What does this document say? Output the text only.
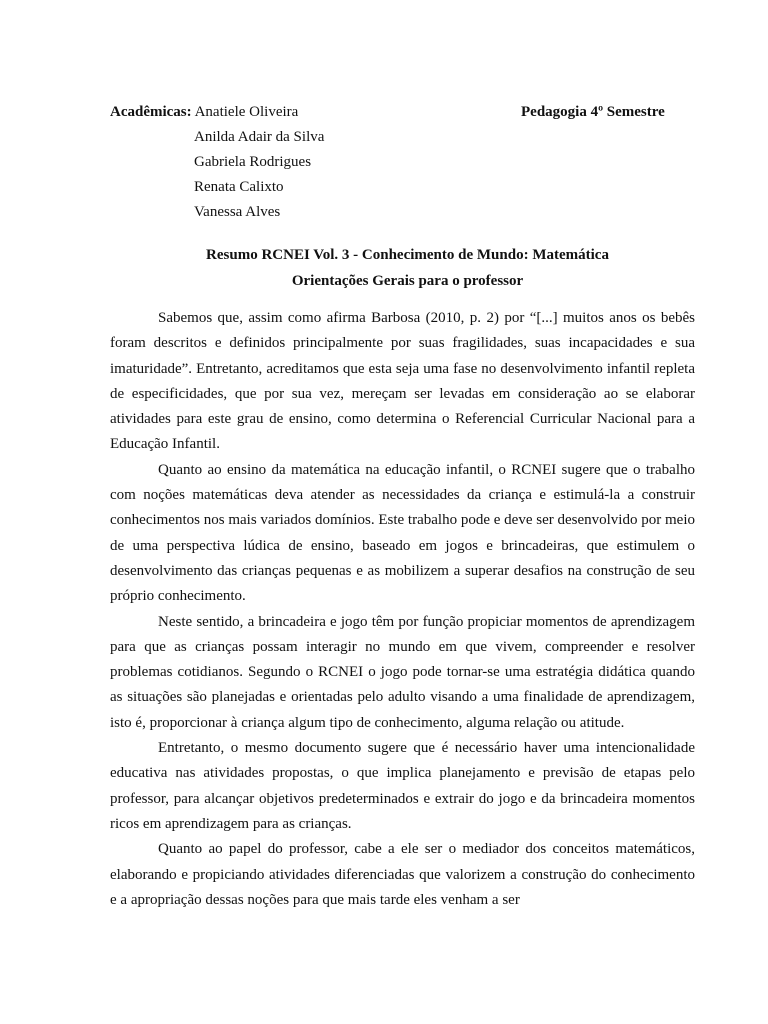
Acadêmicas: Anatiele Oliveira	Pedagogia 4º Semestre
Anilda Adair da Silva
Gabriela Rodrigues
Renata Calixto
Vanessa Alves
Resumo RCNEI Vol. 3 - Conhecimento de Mundo: Matemática
Orientações Gerais para o professor

Sabemos que, assim como afirma Barbosa (2010, p. 2) por “[...] muitos anos os bebês foram descritos e definidos principalmente por suas fragilidades, suas incapacidades e sua imaturidade”. Entretanto, acreditamos que esta seja uma fase no desenvolvimento infantil repleta de especificidades, que por sua vez, mereçam ser levadas em consideração ao se elaborar atividades para este grau de ensino, como determina o Referencial Curricular Nacional para a Educação Infantil.

Quanto ao ensino da matemática na educação infantil, o RCNEI sugere que o trabalho com noções matemáticas deva atender as necessidades da criança e estimulá-la a construir conhecimentos nos mais variados domínios. Este trabalho pode e deve ser desenvolvido por meio de uma perspectiva lúdica de ensino, baseado em jogos e brincadeiras, que estimulem o desenvolvimento das crianças pequenas e as mobilizem a superar desafios na construção de seu próprio conhecimento.

Neste sentido, a brincadeira e jogo têm por função propiciar momentos de aprendizagem para que as crianças possam interagir no mundo em que vivem, compreender e resolver problemas cotidianos. Segundo o RCNEI o jogo pode tornar-se uma estratégia didática quando as situações são planejadas e orientadas pelo adulto visando a uma finalidade de aprendizagem, isto é, proporcionar à criança algum tipo de conhecimento, alguma relação ou atitude.

Entretanto, o mesmo documento sugere que é necessário haver uma intencionalidade educativa nas atividades propostas, o que implica planejamento e previsão de etapas pelo professor, para alcançar objetivos predeterminados e extrair do jogo e da brincadeira momentos ricos em aprendizagem para as crianças.

Quanto ao papel do professor, cabe a ele ser o mediador dos conceitos matemáticos, elaborando e propiciando atividades diferenciadas que valorizem a construção do conhecimento e a apropriação dessas noções para que mais tarde eles venham a ser
